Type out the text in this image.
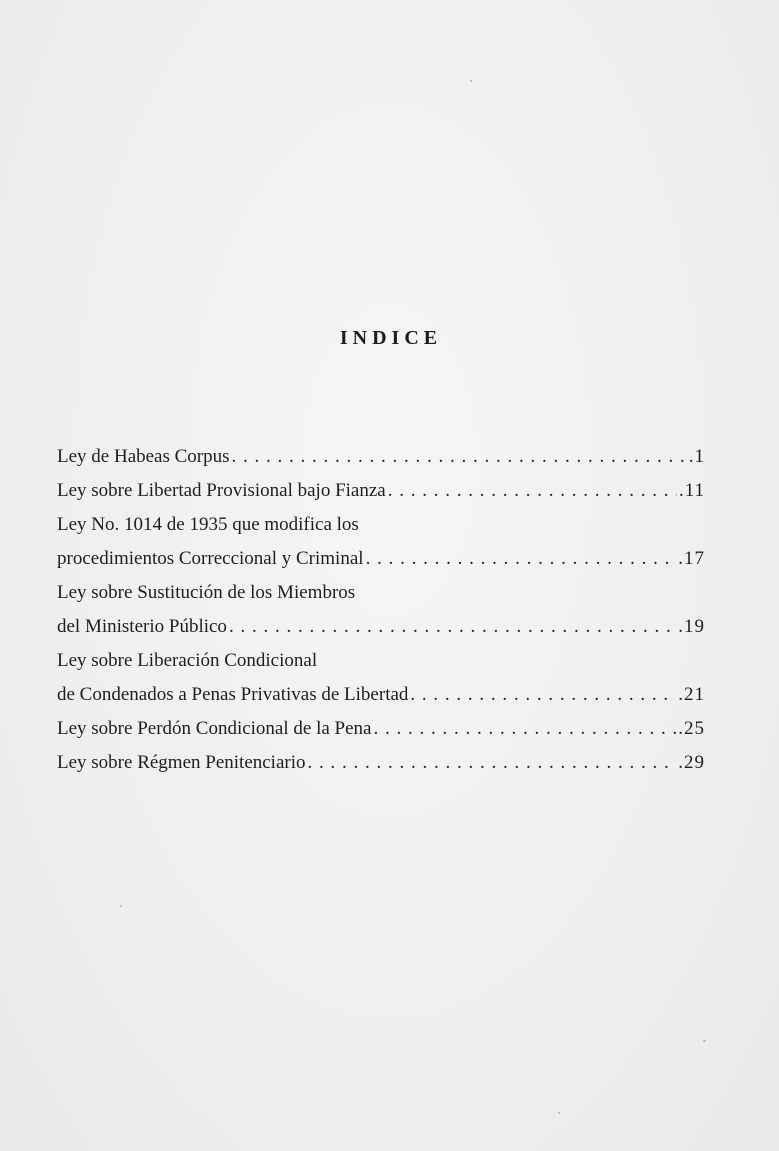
INDICE
Ley de Habeas Corpus . . .	.1
Ley sobre Libertad Provisional bajo Fianza . . .	.11
Ley No. 1014 de 1935 que modifica los
procedimientos Correccional y Criminal . . .	.17
Ley sobre Sustitución de los Miembros
del Ministerio Público . . .	.19
Ley sobre Liberación Condicional
de Condenados a Penas Privativas de Libertad . . .	.21
Ley sobre Perdón Condicional de la Pena . . .	.25
Ley sobre Régmen Penitenciario . . .	.29
